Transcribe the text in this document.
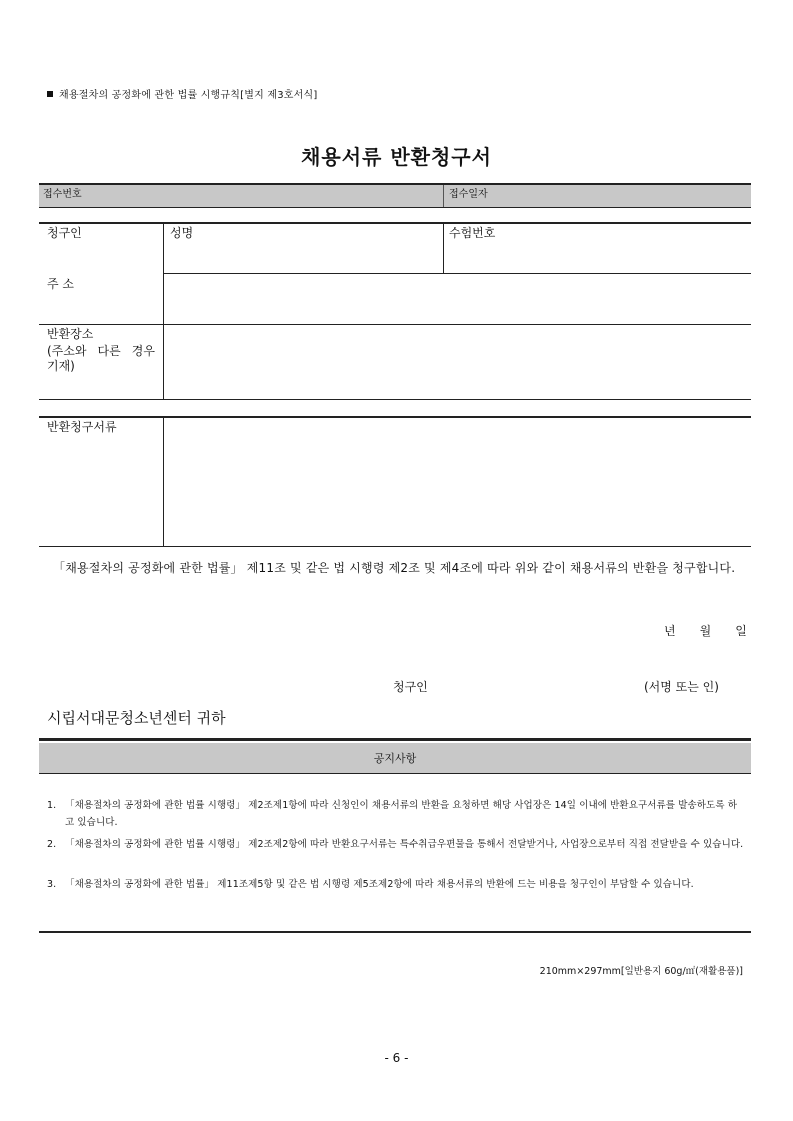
채용절차의 공정화에 관한 법률 시행규칙[별지 제3호서식]
채용서류 반환청구서
접수번호	접수일자
청구인	성명	수험번호
주 소
반환장소
(주소와 다른 경우 기재)
반환청구서류
「채용절차의 공정화에 관한 법률」 제11조 및 같은 법 시행령 제2조 및 제4조에 따라 위와 같이 채용서류의 반환을 청구합니다.
년 월 일
청구인	(서명 또는 인)
시립서대문청소년센터 귀하
공지사항
1. 「채용절차의 공정화에 관한 법률 시행령」 제2조제1항에 따라 신청인이 채용서류의 반환을 요청하면 해당 사업장은 14일 이내에 반환요구서류를 발송하도록 하고 있습니다.
2. 「채용절차의 공정화에 관한 법률 시행령」 제2조제2항에 따라 반환요구서류는 특수취급우편물을 통해서 전달받거나, 사업장으로부터 직접 전달받을 수 있습니다.
3. 「채용절차의 공정화에 관한 법률」 제11조제5항 및 같은 법 시행령 제5조제2항에 따라 채용서류의 반환에 드는 비용을 청구인이 부담할 수 있습니다.
210mm×297mm[일반용지 60g/㎡(재활용품)]
- 6 -
